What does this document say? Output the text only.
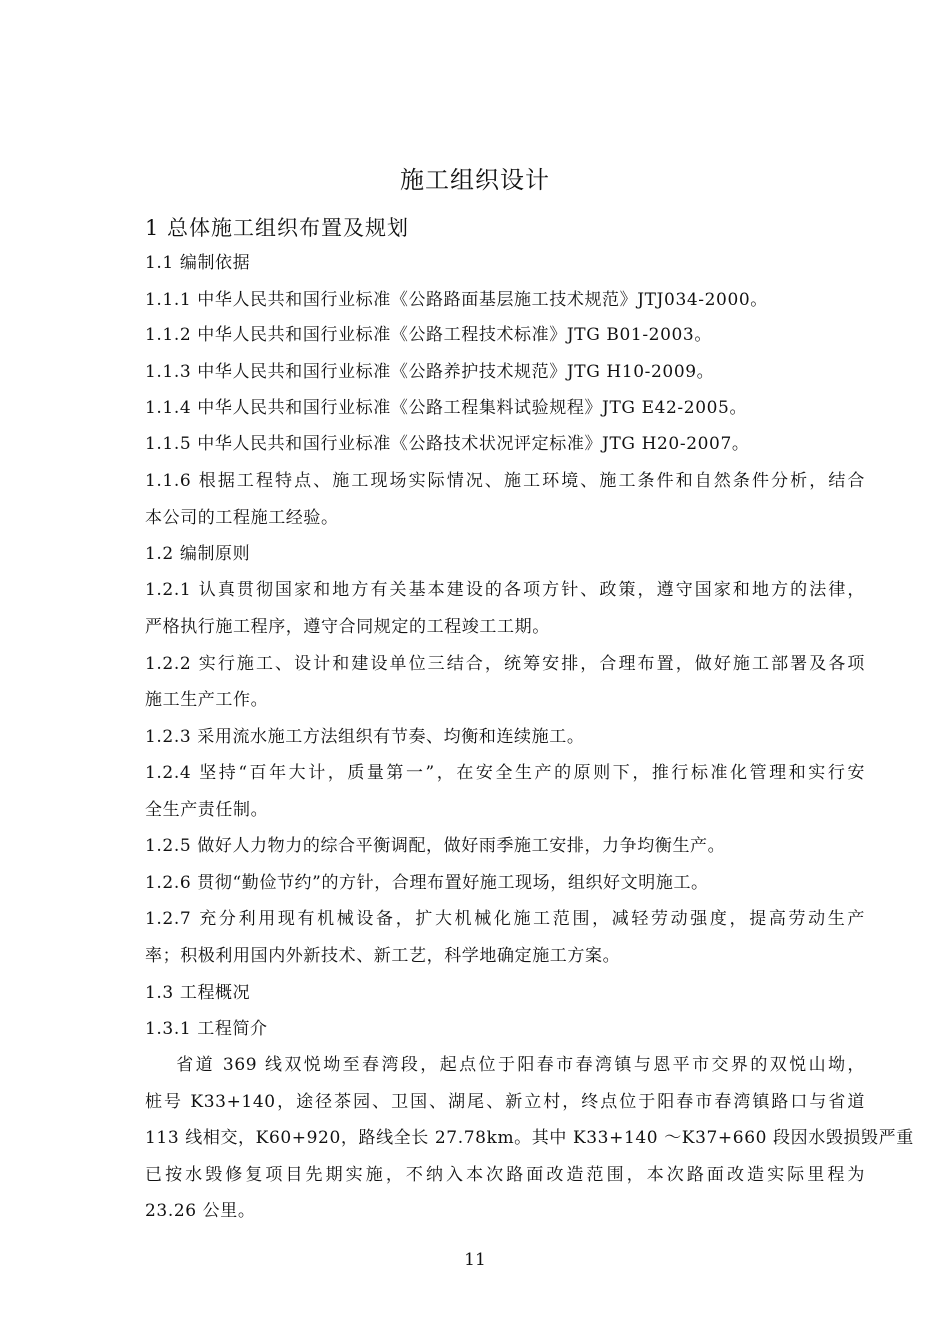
施工组织设计
1 总体施工组织布置及规划
1.1 编制依据
1.1.1 中华人民共和国行业标准《公路路面基层施工技术规范》JTJ034-2000。
1.1.2 中华人民共和国行业标准《公路工程技术标准》JTG B01-2003。
1.1.3 中华人民共和国行业标准《公路养护技术规范》JTG H10-2009。
1.1.4 中华人民共和国行业标准《公路工程集料试验规程》JTG E42-2005。
1.1.5 中华人民共和国行业标准《公路技术状况评定标准》JTG H20-2007。
1.1.6 根据工程特点、施工现场实际情况、施工环境、施工条件和自然条件分析，结合
本公司的工程施工经验。
1.2 编制原则
1.2.1 认真贯彻国家和地方有关基本建设的各项方针、政策，遵守国家和地方的法律，
严格执行施工程序，遵守合同规定的工程竣工工期。
1.2.2 实行施工、设计和建设单位三结合，统筹安排，合理布置，做好施工部署及各项
施工生产工作。
1.2.3 采用流水施工方法组织有节奏、均衡和连续施工。
1.2.4 坚持“百年大计，质量第一”，在安全生产的原则下，推行标准化管理和实行安
全生产责任制。
1.2.5 做好人力物力的综合平衡调配，做好雨季施工安排，力争均衡生产。
1.2.6 贯彻“勤俭节约”的方针，合理布置好施工现场，组织好文明施工。
1.2.7 充分利用现有机械设备，扩大机械化施工范围，减轻劳动强度，提高劳动生产
率；积极利用国内外新技术、新工艺，科学地确定施工方案。
1.3 工程概况
1.3.1 工程简介
省道 369 线双悦坳至春湾段，起点位于阳春市春湾镇与恩平市交界的双悦山坳，
桩号 K33+140，途径茶园、卫国、湖尾、新立村，终点位于阳春市春湾镇路口与省道
113 线相交，K60+920，路线全长 27.78km。其中 K33+140 ～K37+660 段因水毁损毁严重
已按水毁修复项目先期实施，不纳入本次路面改造范围，本次路面改造实际里程为
23.26 公里。
11
